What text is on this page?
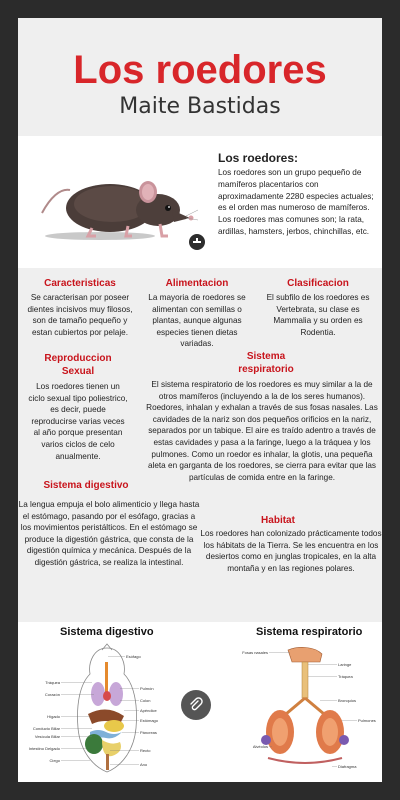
Los roedores
Maite Bastidas
Los roedores:
Los roedores son un grupo pequeño de mamíferos placentarios con aproximadamente 2280 especies actuales; es el orden mas numeroso de mamíferos. Los roedores mas comunes son; la rata, ardillas, hamsters, jerbos, chinchillas, etc.
Caracteristicas
Se caracterisan por poseer dientes incisivos muy filosos, son de tamaño pequeño y estan cubiertos por pelaje.
Alimentacion
La mayoria de roedores se alimentan con semillas o plantas, aunque algunas especies tienen dietas variadas.
Clasificacion
El subfilo de los roedores es Vertebrata, su clase es Mammalia y su orden es Rodentia.
Reproduccion Sexual
Los roedores tienen un ciclo sexual tipo poliestrico, es decir, puede reproducirse varias veces al año porque presentan varios ciclos de celo anualmente.
Sistema respiratorio
El sistema respiratorio de los roedores es muy similar a la de otros mamíferos (incluyendo a la de los seres humanos). Roedores, inhalan y exhalan a través de sus fosas nasales. Las cavidades de la nariz son dos pequeños orificios en la nariz, separados por un tabique. El aire es traído adentro a través de estas cavidades y pasa a la faringe, luego a la tráquea y los pulmones. Como un roedor es inhalar, la glotis, una pequeña aleta en garganta de los roedores, se cierra para evitar que las partículas de comida entre en la faringe.
Sistema digestivo
La lengua empuja el bolo alimenticio y llega hasta el estómago, pasando por el esófago, gracias a los movimientos peristálticos. En el estómago se produce la digestión gástrica, que consta de la digestión química y mecánica. Después de la digestión gástrica, se realiza la intestinal.
Habitat
Los roedores han colonizado prácticamente todos los hábitats de la Tierra. Se les encuentra en los desiertos como en junglas tropicales, en la alta montaña y en las regiones polares.
Sistema digestivo	Sistema respiratorio
Esófago
Tráquea
Corazón
Pulmón
Colon
Apéndice
Hígado
Estómago
Conducto Biliar
Vesícula Biliar
Páncreas
Intestino Delgado
Ciego
Recto
Ano
Fosas nasales
Laringe
Tráquea
Bronquios
Pulmones
Alvéolos
Diafragma
